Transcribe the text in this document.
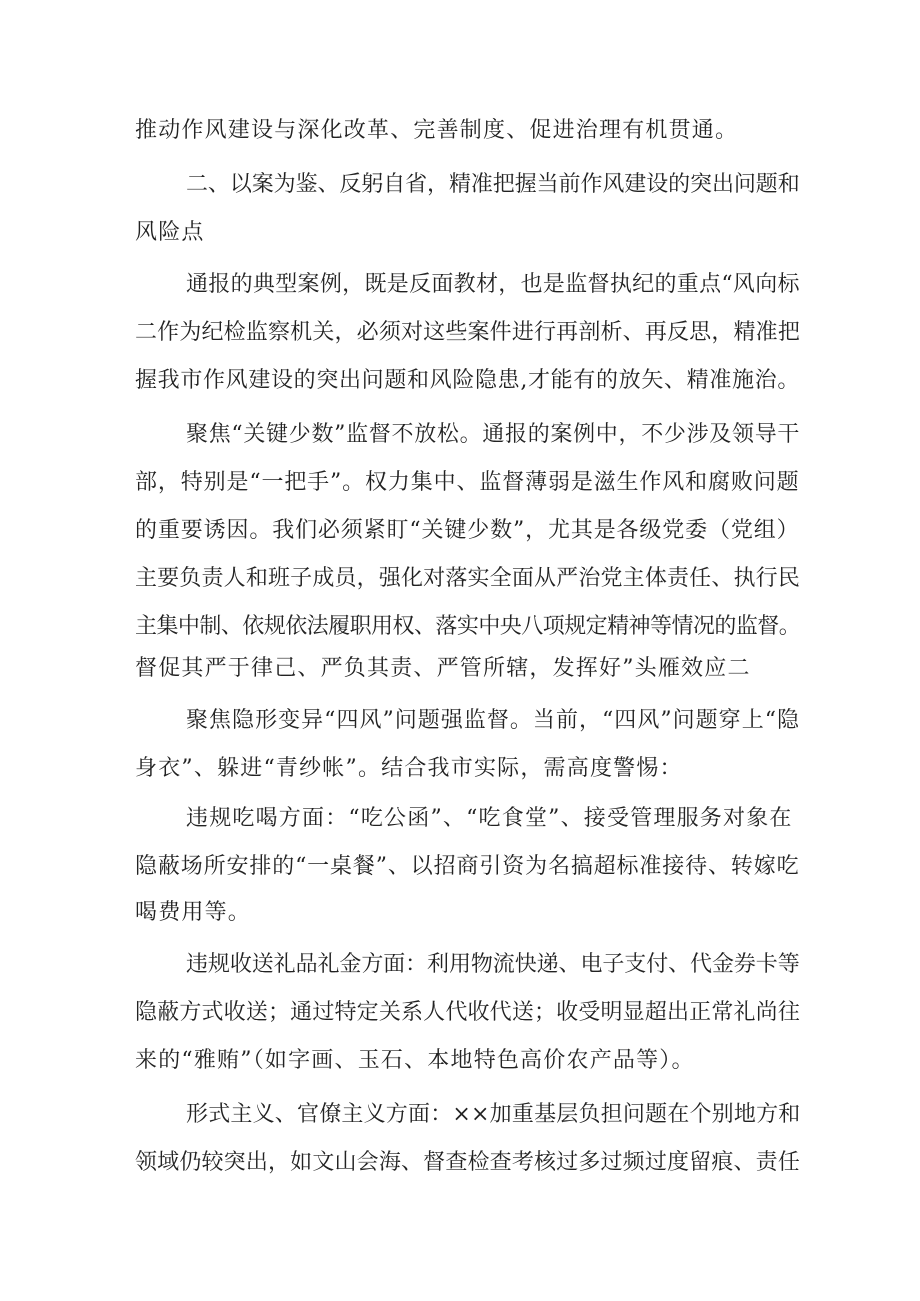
推动作风建设与深化改革、完善制度、促进治理有机贯通。
二、以案为鉴、反躬自省，精准把握当前作风建设的突出问题和
风险点
通报的典型案例，既是反面教材，也是监督执纪的重点“风向标
二作为纪检监察机关，必须对这些案件进行再剖析、再反思，精准把
握我市作风建设的突出问题和风险隐患,才能有的放矢、精准施治。
聚焦“关键少数”监督不放松。通报的案例中，不少涉及领导干
部，特别是“一把手”。权力集中、监督薄弱是滋生作风和腐败问题
的重要诱因。我们必须紧盯“关键少数”，尤其是各级党委（党组）
主要负责人和班子成员，强化对落实全面从严治党主体责任、执行民
主集中制、依规依法履职用权、落实中央八项规定精神等情况的监督。
督促其严于律己、严负其责、严管所辖，发挥好”头雁效应二
聚焦隐形变异“四风”问题强监督。当前，“四风”问题穿上“隐
身衣”、躲进“青纱帐”。结合我市实际，需高度警惕：
违规吃喝方面：“吃公函”、“吃食堂”、接受管理服务对象在
隐蔽场所安排的“一桌餐”、以招商引资为名搞超标准接待、转嫁吃
喝费用等。
违规收送礼品礼金方面：利用物流快递、电子支付、代金券卡等
隐蔽方式收送；通过特定关系人代收代送；收受明显超出正常礼尚往
来的“雅贿”（如字画、玉石、本地特色高价农产品等）。
形式主义、官僚主义方面：××加重基层负担问题在个别地方和
领域仍较突出，如文山会海、督查检查考核过多过频过度留痕、责任
